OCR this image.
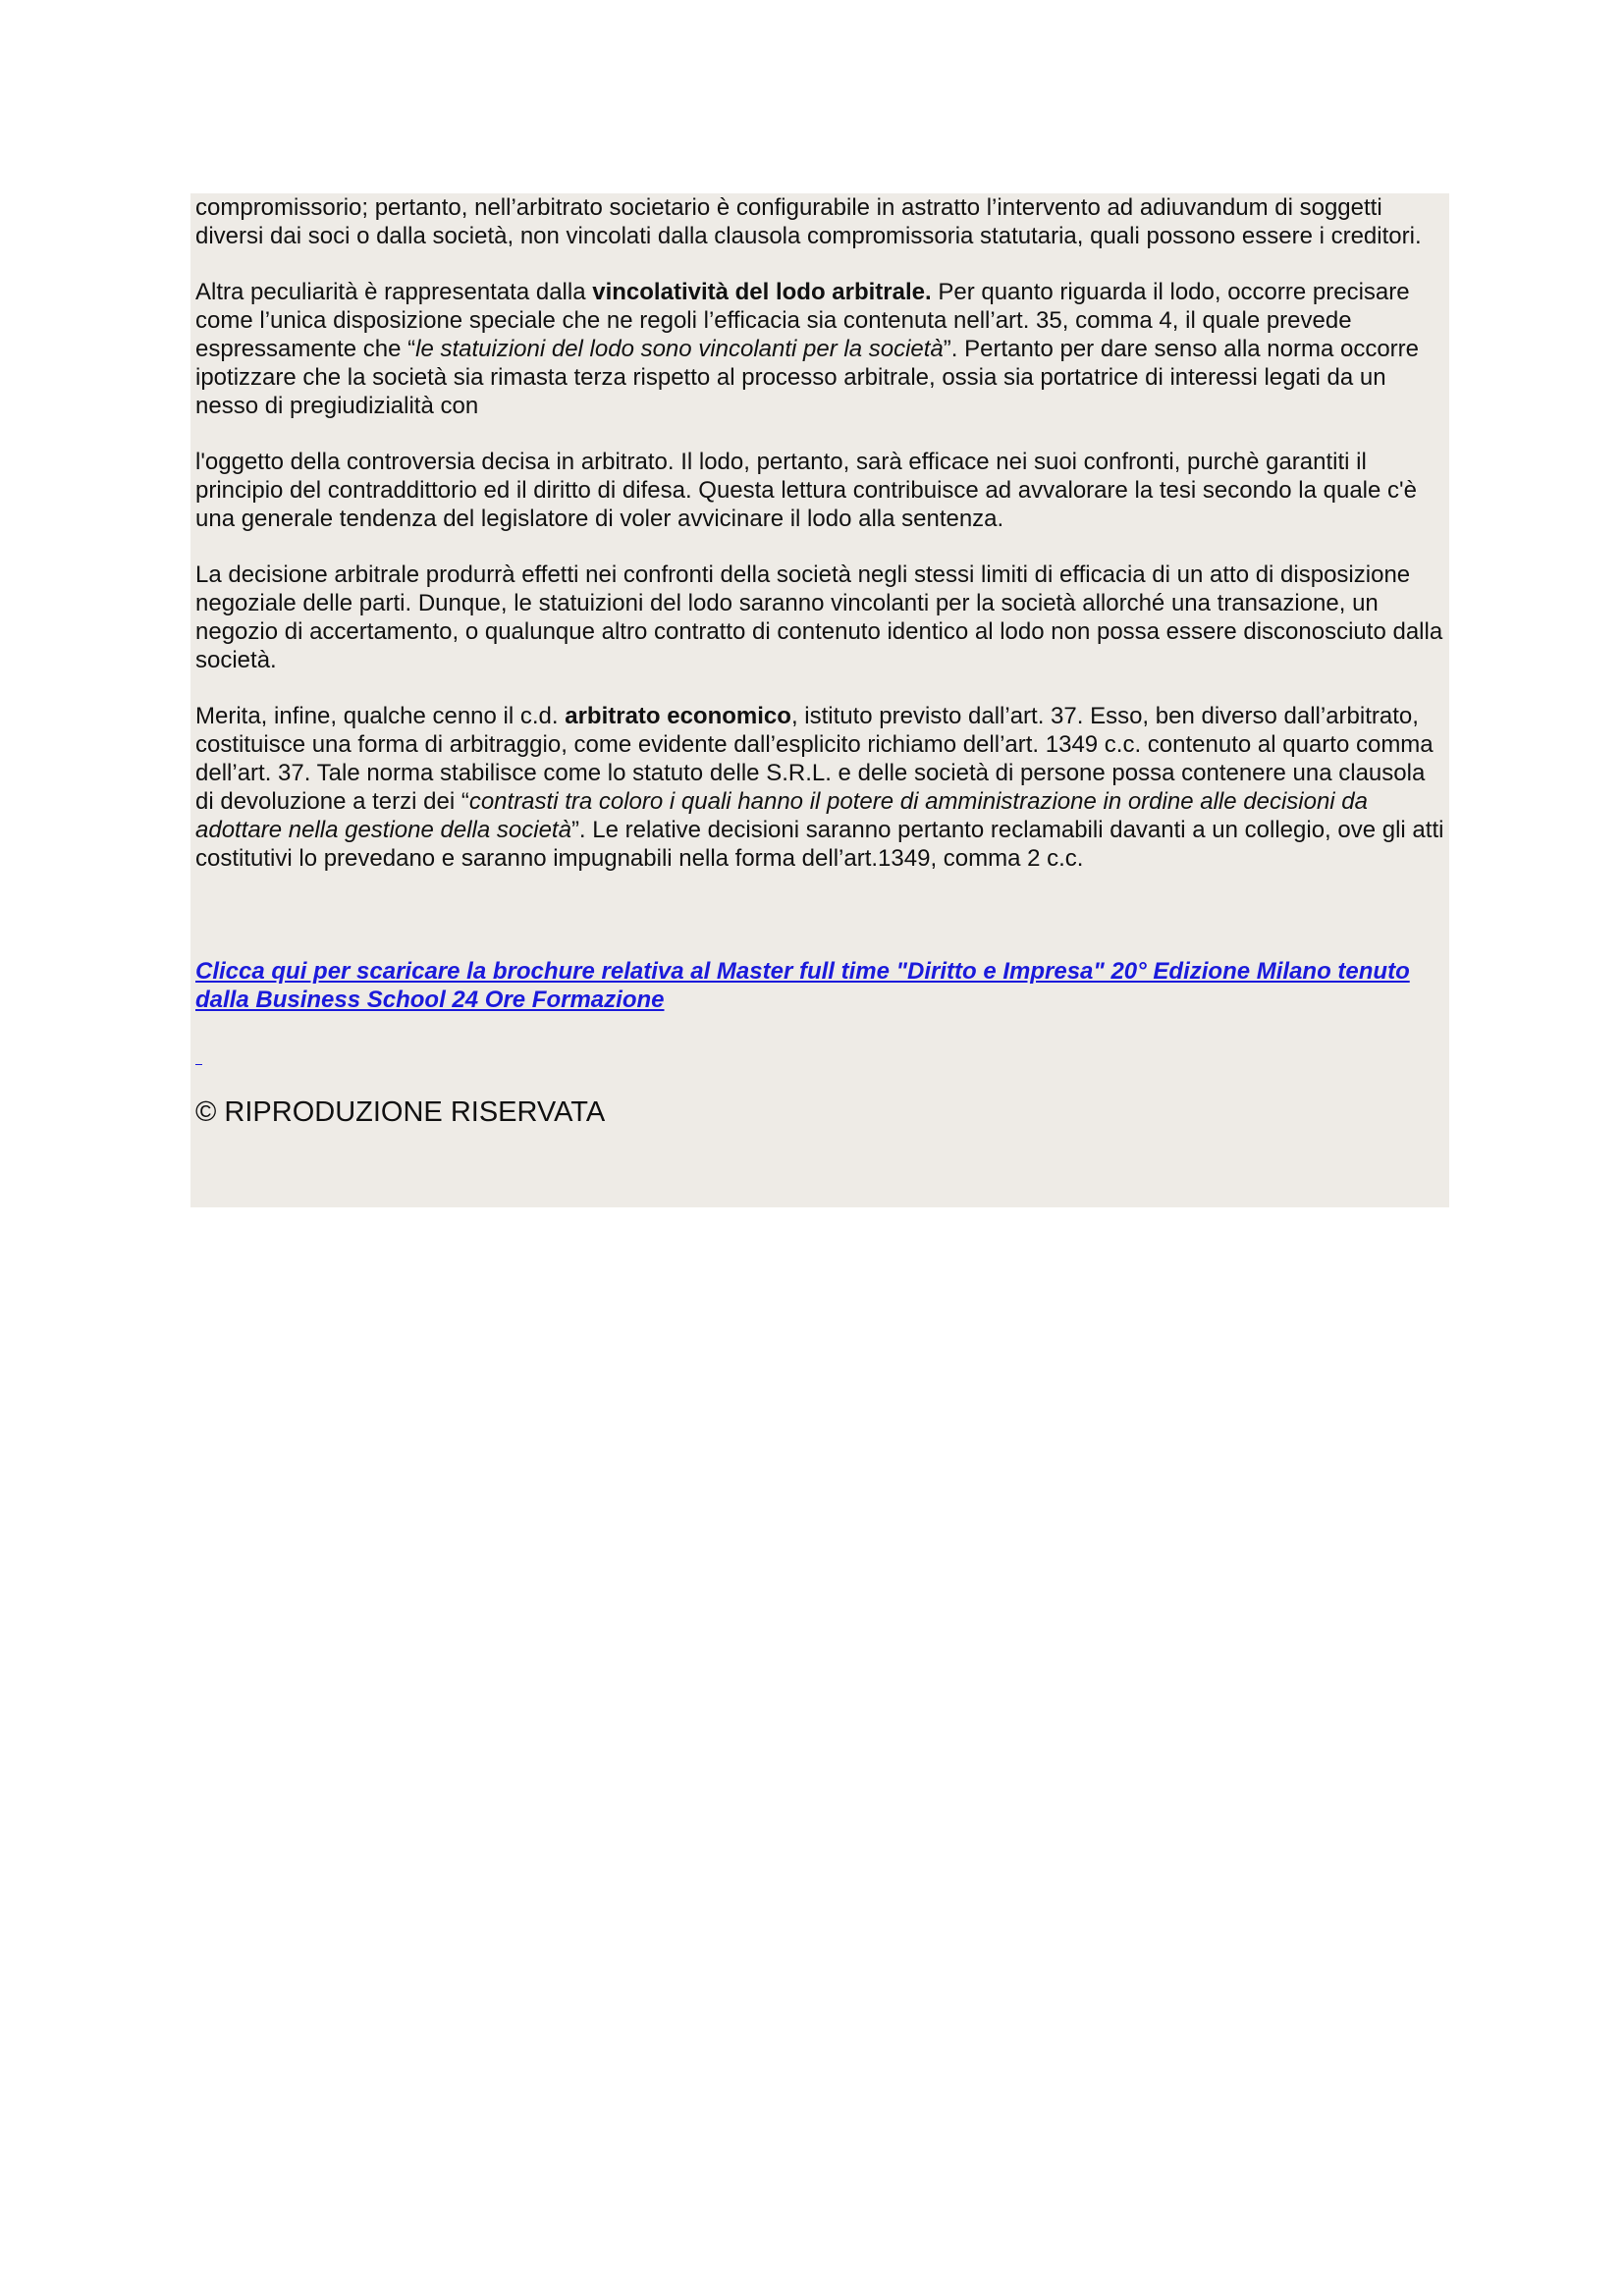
compromissorio; pertanto, nell’arbitrato societario è configurabile in astratto l’intervento ad adiuvandum di soggetti diversi dai soci o dalla società, non vincolati dalla clausola compromissoria statutaria, quali possono essere i creditori.

Altra peculiarità è rappresentata dalla vincolatività del lodo arbitrale. Per quanto riguarda il lodo, occorre precisare come l’unica disposizione speciale che ne regoli l’efficacia sia contenuta nell’art. 35, comma 4, il quale prevede espressamente che “le statuizioni del lodo sono vincolanti per la società”. Pertanto per dare senso alla norma occorre ipotizzare che la società sia rimasta terza rispetto al processo arbitrale, ossia sia portatrice di interessi legati da un nesso di pregiudizialità con

l'oggetto della controversia decisa in arbitrato. Il lodo, pertanto, sarà efficace nei suoi confronti, purchè garantiti il principio del contraddittorio ed il diritto di difesa. Questa lettura contribuisce ad avvalorare la tesi secondo la quale c'è una generale tendenza del legislatore di voler avvicinare il lodo alla sentenza.

La decisione arbitrale produrrà effetti nei confronti della società negli stessi limiti di efficacia di un atto di disposizione negoziale delle parti. Dunque, le statuizioni del lodo saranno vincolanti per la società allorché una transazione, un negozio di accertamento, o qualunque altro contratto di contenuto identico al lodo non possa essere disconosciuto dalla società.

Merita, infine, qualche cenno il c.d. arbitrato economico, istituto previsto dall’art. 37. Esso, ben diverso dall’arbitrato, costituisce una forma di arbitraggio, come evidente dall’esplicito richiamo dell’art. 1349 c.c. contenuto al quarto comma dell’art. 37. Tale norma stabilisce come lo statuto delle S.R.L. e delle società di persone possa contenere una clausola di devoluzione a terzi dei “contrasti tra coloro i quali hanno il potere di amministrazione in ordine alle decisioni da adottare nella gestione della società”. Le relative decisioni saranno pertanto reclamabili davanti a un collegio, ove gli atti costitutivi lo prevedano e saranno impugnabili nella forma dell’art.1349, comma 2 c.c.

Clicca qui per scaricare la brochure relativa al Master full time "Diritto e Impresa" 20° Edizione Milano tenuto dalla Business School 24 Ore Formazione

© RIPRODUZIONE RISERVATA
